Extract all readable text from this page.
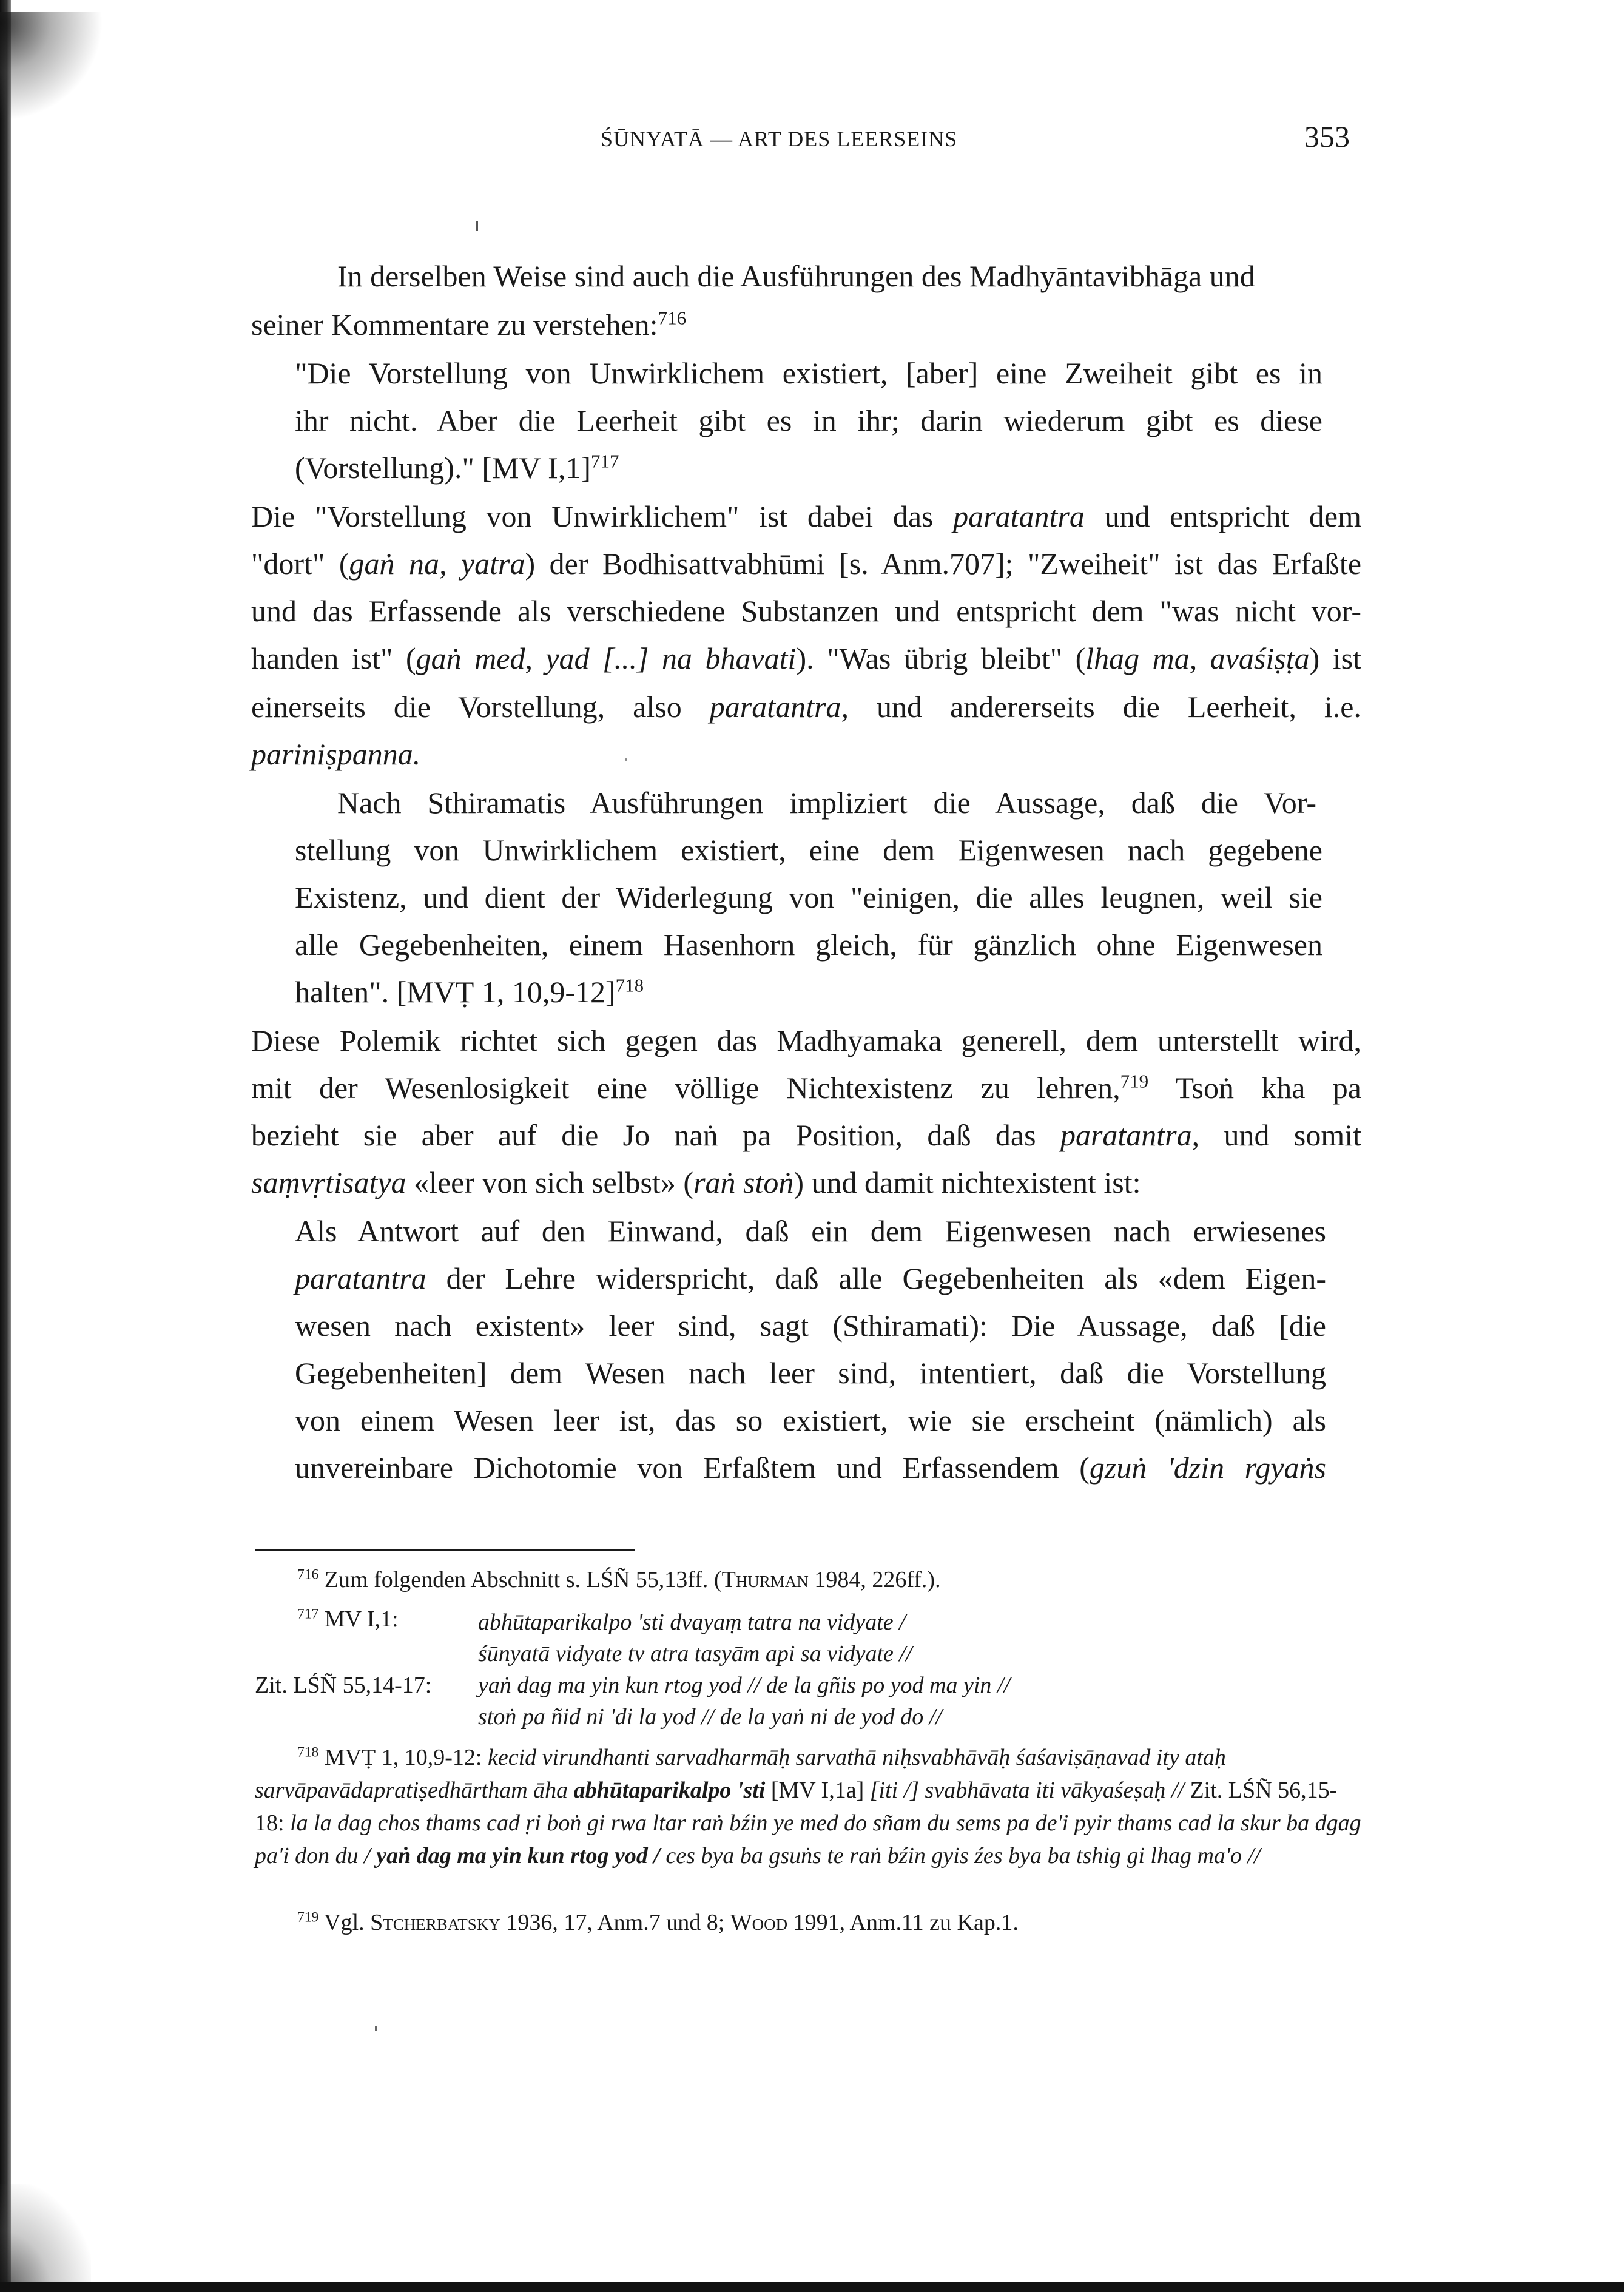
ŚŪNYATĀ — ART DES LEERSEINS	353
In derselben Weise sind auch die Ausführungen des Madhyāntavibhāga und
seiner Kommentare zu verstehen:$^{716}$
"Die Vorstellung von Unwirklichem existiert, [aber] eine Zweiheit gibt es in
ihr nicht. Aber die Leerheit gibt es in ihr; darin wiederum gibt es diese
(Vorstellung)." [MV I,1]$^{717}$
Die "Vorstellung von Unwirklichem" ist dabei das paratantra und entspricht dem
"dort" (gaṅ na, yatra) der Bodhisattvabhūmi [s. Anm.707]; "Zweiheit" ist das Erfaßte
und das Erfassende als verschiedene Substanzen und entspricht dem "was nicht vor-
handen ist" (gaṅ med, yad [...] na bhavati). "Was übrig bleibt" (lhag ma, avaśiṣṭa) ist
einerseits die Vorstellung, also paratantra, und andererseits die Leerheit, i.e.
pariniṣpanna.
Nach Sthiramatis Ausführungen impliziert die Aussage, daß die Vor-
stellung von Unwirklichem existiert, eine dem Eigenwesen nach gegebene
Existenz, und dient der Widerlegung von "einigen, die alles leugnen, weil sie
alle Gegebenheiten, einem Hasenhorn gleich, für gänzlich ohne Eigenwesen
halten". [MVṬ 1, 10,9-12]$^{718}$
Diese Polemik richtet sich gegen das Madhyamaka generell, dem unterstellt wird,
mit der Wesenlosigkeit eine völlige Nichtexistenz zu lehren,$^{719}$ Tsoṅ kha pa
bezieht sie aber auf die Jo naṅ pa Position, daß das paratantra, und somit
saṃvṛtisatya «leer von sich selbst» (raṅ stoṅ) und damit nichtexistent ist:
Als Antwort auf den Einwand, daß ein dem Eigenwesen nach erwiesenes
paratantra der Lehre widerspricht, daß alle Gegebenheiten als «dem Eigen-
wesen nach existent» leer sind, sagt (Sthiramati): Die Aussage, daß [die
Gegebenheiten] dem Wesen nach leer sind, intentiert, daß die Vorstellung
von einem Wesen leer ist, das so existiert, wie sie erscheint (nämlich) als
unvereinbare Dichotomie von Erfaßtem und Erfassendem (gzuṅ 'dzin rgyaṅs
$^{716}$ Zum folgenden Abschnitt s. LŚÑ 55,13ff. (Thurman 1984, 226ff.).
$^{717}$ MV I,1:	abhūtaparikalpo 'sti dvayaṃ tatra na vidyate /
śūnyatā vidyate tv atra tasyām api sa vidyate //
Zit. LŚÑ 55,14-17: yaṅ dag ma yin kun rtog yod // de la gñis po yod ma yin //
stoṅ pa ñid ni 'di la yod // de la yaṅ ni de yod do //
$^{718}$ MVṬ 1, 10,9-12: kecid virundhanti sarvadharmāḥ sarvathā niḥsvabhāvāḥ śaśaviṣāṇavad ity ataḥ sarvāpavādapratiṣedhārtham āha abhūtaparikalpo 'sti [MV I,1a] [iti /] svabhāvata iti vākyaśeṣaḥ // Zit. LŚÑ 56,15-18: la la dag chos thams cad ṛi boṅ gi rwa ltar raṅ bźin ye med do sñam du sems pa de'i pyir thams cad la skur ba dgag pa'i don du / yaṅ dag ma yin kun rtog yod / ces bya ba gsuṅs te raṅ bźin gyis źes bya ba tshig gi lhag ma'o //
$^{719}$ Vgl. Stcherbatsky 1936, 17, Anm.7 und 8; Wood 1991, Anm.11 zu Kap.1.
